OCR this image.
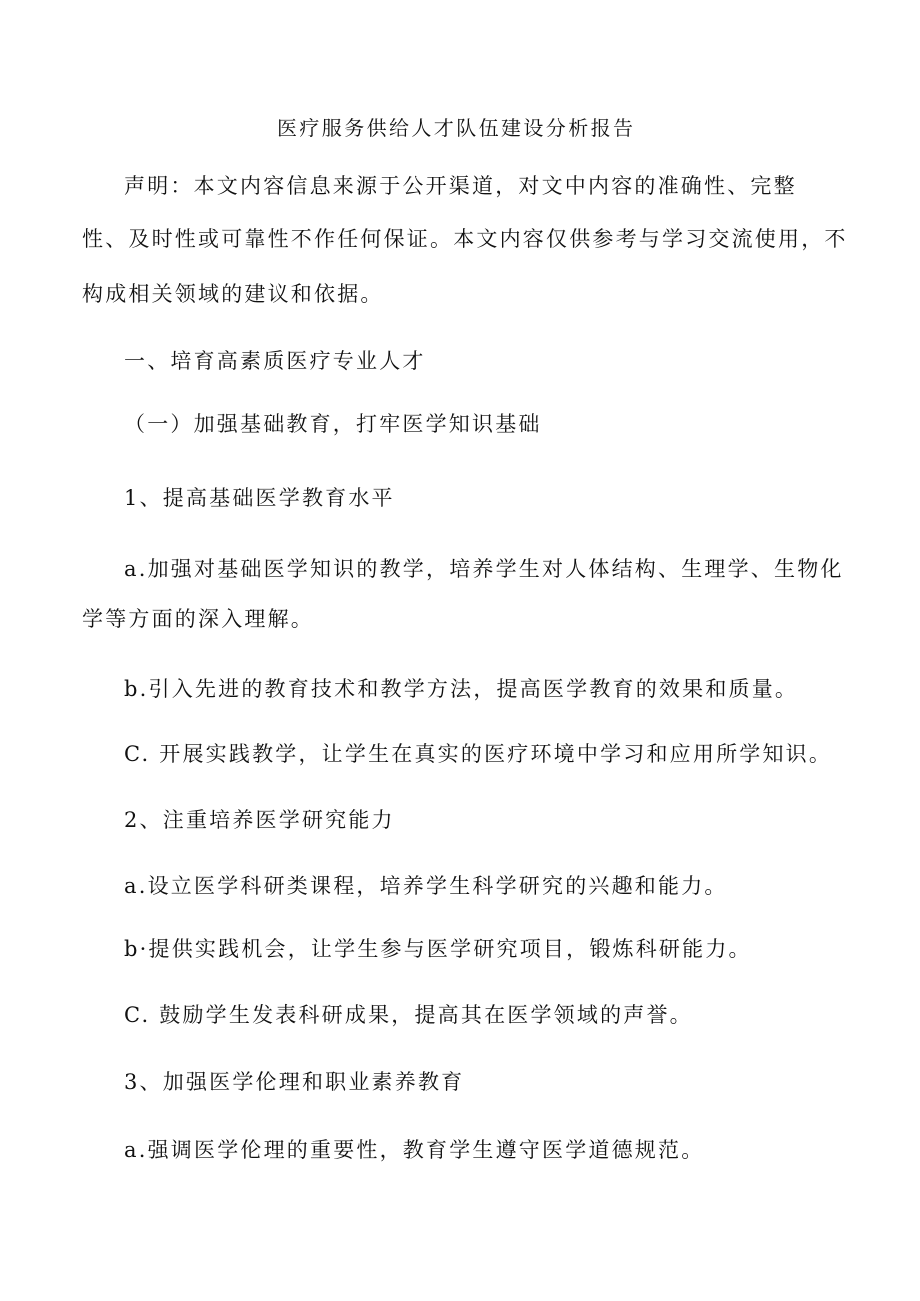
医疗服务供给人才队伍建设分析报告
声明：本文内容信息来源于公开渠道，对文中内容的准确性、完整
性、及时性或可靠性不作任何保证。本文内容仅供参考与学习交流使用，不
构成相关领域的建议和依据。
一、培育高素质医疗专业人才
（一）加强基础教育，打牢医学知识基础
1、提高基础医学教育水平
a.加强对基础医学知识的教学，培养学生对人体结构、生理学、生物化
学等方面的深入理解。
b.引入先进的教育技术和教学方法，提高医学教育的效果和质量。
C. 开展实践教学，让学生在真实的医疗环境中学习和应用所学知识。
2、注重培养医学研究能力
a.设立医学科研类课程，培养学生科学研究的兴趣和能力。
b·提供实践机会，让学生参与医学研究项目，锻炼科研能力。
C. 鼓励学生发表科研成果，提高其在医学领域的声誉。
3、加强医学伦理和职业素养教育
a.强调医学伦理的重要性，教育学生遵守医学道德规范。
